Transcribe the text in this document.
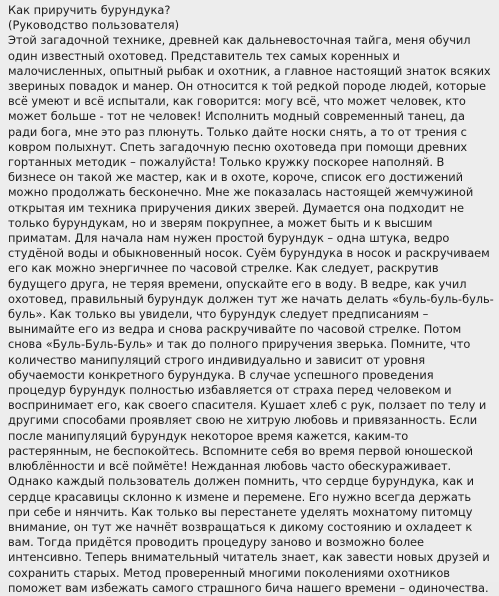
Как приручить бурундука?
(Руководство пользователя)

Этой загадочной технике, древней как дальневосточная тайга, меня обучил один известный охотовед. Представитель тех самых коренных и малочисленных, опытный рыбак и охотник, а главное настоящий знаток всяких звериных повадок и манер. Он относится к той редкой породе людей, которые всё умеют и всё испытали, как говорится: могу всё, что может человек, кто может больше - тот не человек! Исполнить модный современный танец, да ради бога, мне это раз плюнуть. Только дайте носки снять, а то от трения с ковром полыхнут. Спеть загадочную песню охотоведа при помощи древних гортанных методик – пожалуйста! Только кружку поскорее наполняй. В бизнесе он такой же мастер, как и в охоте, короче, список его достижений можно продолжать бесконечно. Мне же показалась настоящей жемчужиной открытая им техника приручения диких зверей. Думается она подходит не только бурундукам, но и зверям покрупнее, а может быть и к высшим приматам. Для начала нам нужен простой бурундук – одна штука, ведро студёной воды и обыкновенный носок. Суём бурундука в носок и раскручиваем его как можно энергичнее по часовой стрелке. Как следует, раскрутив будущего друга, не теряя времени, опускайте его в воду. В ведре, как учил охотовед, правильный бурундук должен тут же начать делать «буль-буль-буль-буль». Как только вы увидели, что бурундук следует предписаниям – вынимайте его из ведра и снова раскручивайте по часовой стрелке. Потом снова «Буль-Буль-Буль» и так до полного приручения зверька. Помните, что количество манипуляций строго индивидуально и зависит от уровня обучаемости конкретного бурундука. В случае успешного проведения процедур бурундук полностью избавляется от страха перед человеком и воспринимает его, как своего спасителя. Кушает хлеб с рук, ползает по телу и другими способами проявляет свою не хитрую любовь и привязанность. Если после манипуляций бурундук некоторое время кажется, каким-то растерянным, не беспокойтесь. Вспомните себя во время первой юношеской влюблённости и всё поймёте! Нежданная любовь часто обескураживает. Однако каждый пользователь должен помнить, что сердце бурундука, как и сердце красавицы склонно к измене и перемене. Его нужно всегда держать при себе и нянчить. Как только вы перестанете уделять мохнатому питомцу внимание, он тут же начнёт возвращаться к дикому состоянию и охладеет к вам. Тогда придётся проводить процедуру заново и возможно более интенсивно. Теперь внимательный читатель знает, как завести новых друзей и сохранить старых. Метод проверенный многими поколениями охотников поможет вам избежать самого страшного бича нашего времени – одиночества.
